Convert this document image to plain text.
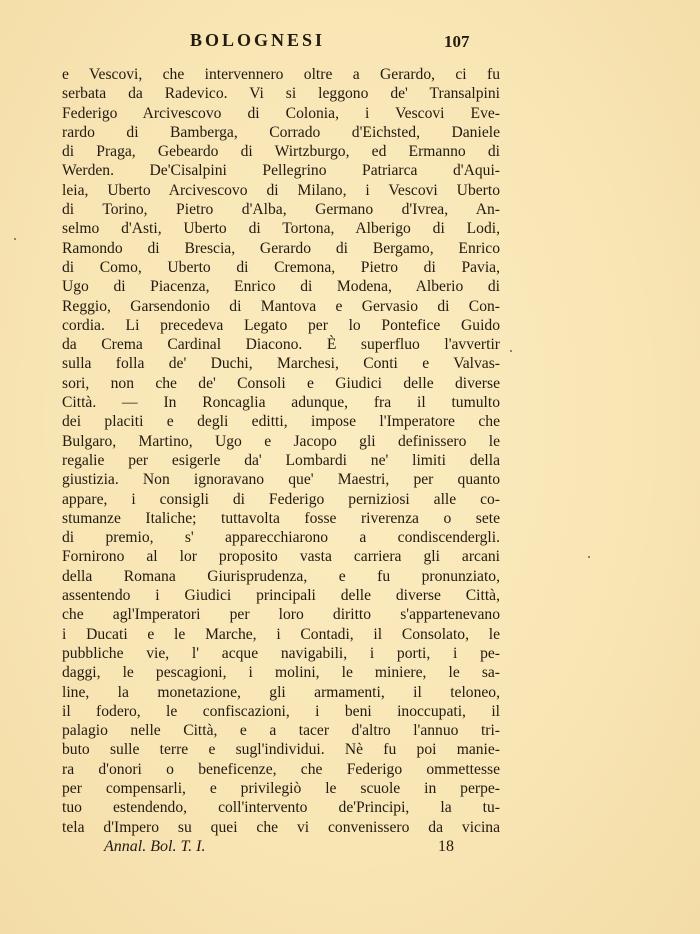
BOLOGNESI	107
e Vescovi, che intervennero oltre a Gerardo, ci fu
serbata da Radevico. Vi si leggono de' Transalpini
Federigo Arcivescovo di Colonia, i Vescovi Eve-
rardo di Bamberga, Corrado d'Eichsted, Daniele
di Praga, Gebeardo di Wirtzburgo, ed Ermanno di
Werden. De'Cisalpini Pellegrino Patriarca d'Aqui-
leia, Uberto Arcivescovo di Milano, i Vescovi Uberto
di Torino, Pietro d'Alba, Germano d'Ivrea, An-
selmo d'Asti, Uberto di Tortona, Alberigo di Lodi,
Ramondo di Brescia, Gerardo di Bergamo, Enrico
di Como, Uberto di Cremona, Pietro di Pavia,
Ugo di Piacenza, Enrico di Modena, Alberio di
Reggio, Garsendonio di Mantova e Gervasio di Con-
cordia. Li precedeva Legato per lo Pontefice Guido
da Crema Cardinal Diacono. È superfluo l'avvertir
sulla folla de' Duchi, Marchesi, Conti e Valvas-
sori, non che de' Consoli e Giudici delle diverse
Città. — In Roncaglia adunque, fra il tumulto
dei placiti e degli editti, impose l'Imperatore che
Bulgaro, Martino, Ugo e Jacopo gli definissero le
regalie per esigerle da' Lombardi ne' limiti della
giustizia. Non ignoravano que' Maestri, per quanto
appare, i consigli di Federigo perniziosi alle co-
stumanze Italiche; tuttavolta fosse riverenza o sete
di premio, s' apparecchiarono a condiscendergli.
Fornirono al lor proposito vasta carriera gli arcani
della Romana Giurisprudenza, e fu pronunziato,
assentendo i Giudici principali delle diverse Città,
che agl'Imperatori per loro diritto s'appartenevano
i Ducati e le Marche, i Contadi, il Consolato, le
pubbliche vie, l' acque navigabili, i porti, i pe-
daggi, le pescagioni, i molini, le miniere, le sa-
line, la monetazione, gli armamenti, il teloneo,
il fodero, le confiscazioni, i beni inoccupati, il
palagio nelle Città, e a tacer d'altro l'annuo tri-
buto sulle terre e sugl'individui. Nè fu poi manie-
ra d'onori o beneficenze, che Federigo ommettesse
per compensarli, e privilegiò le scuole in perpe-
tuo estendendo, coll'intervento de'Principi, la tu-
tela d'Impero su quei che vi convenissero da vicina
Annal. Bol. T. I.	18
